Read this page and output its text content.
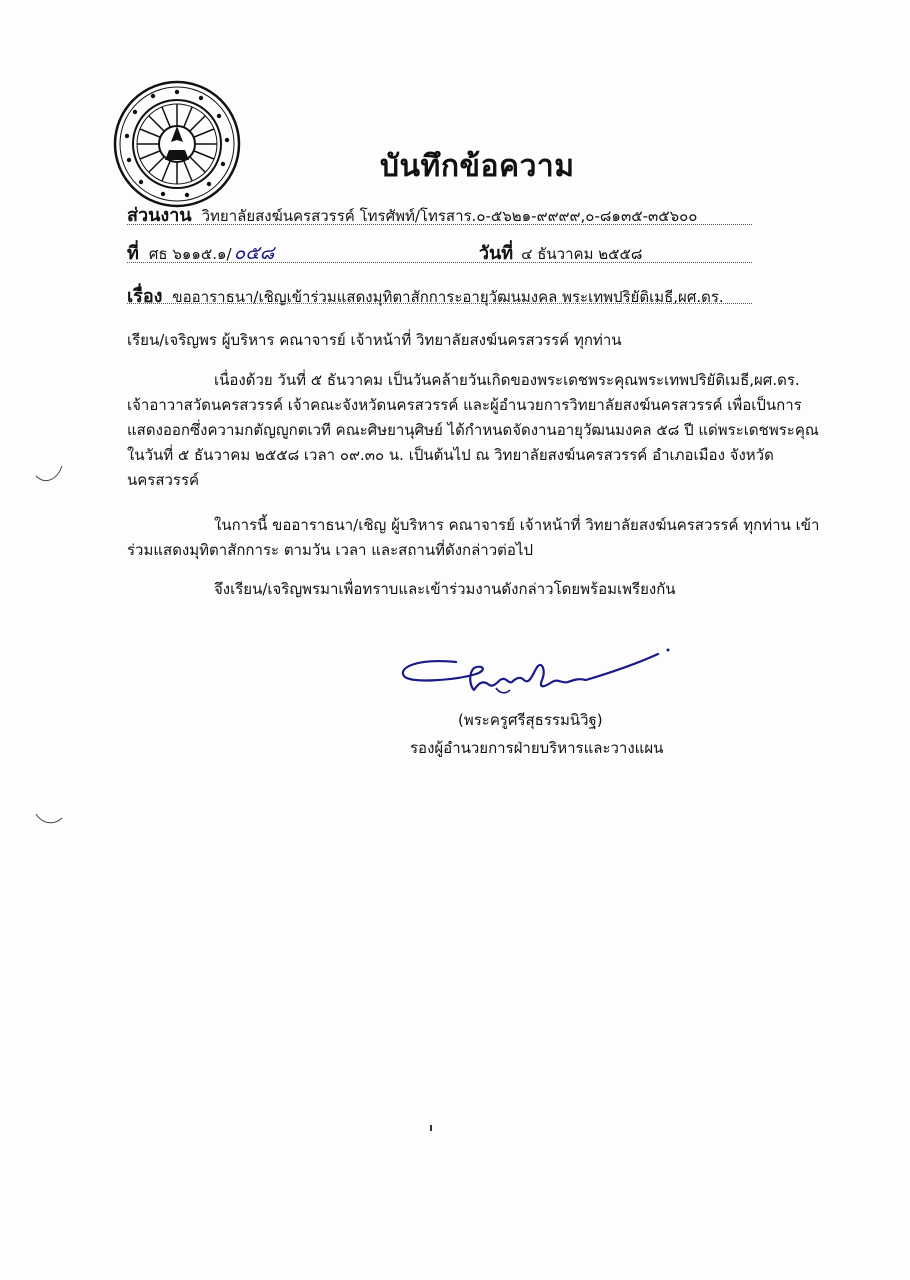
บันทึกข้อความ
ส่วนงาน วิทยาลัยสงฆ์นครสวรรค์ โทรศัพท์/โทรสาร.๐-๕๖๒๑-๙๙๙๙,๐-๘๑๓๕-๓๕๖๐๐
ที่ ศธ ๖๑๑๕.๑/ ๐๕๘	วันที่ ๔ ธันวาคม ๒๕๕๘
เรื่อง ขออาราธนา/เชิญเข้าร่วมแสดงมุทิตาสักการะอายุวัฒนมงคล พระเทพปริยัติเมธี,ผศ.ดร.
เรียน/เจริญพร ผู้บริหาร คณาจารย์ เจ้าหน้าที่ วิทยาลัยสงฆ์นครสวรรค์ ทุกท่าน
เนื่องด้วย วันที่ ๕ ธันวาคม เป็นวันคล้ายวันเกิดของพระเดชพระคุณพระเทพปริยัติเมธี,ผศ.ดร.
เจ้าอาวาสวัดนครสวรรค์ เจ้าคณะจังหวัดนครสวรรค์ และผู้อำนวยการวิทยาลัยสงฆ์นครสวรรค์ เพื่อเป็นการ
แสดงออกซึ่งความกตัญญูกตเวที คณะศิษยานุศิษย์ ได้กำหนดจัดงานอายุวัฒนมงคล ๕๘ ปี แด่พระเดชพระคุณ
ในวันที่ ๕ ธันวาคม ๒๕๕๘ เวลา ๐๙.๓๐ น. เป็นต้นไป ณ วิทยาลัยสงฆ์นครสวรรค์ อำเภอเมือง จังหวัด
นครสวรรค์
ในการนี้ ขออาราธนา/เชิญ ผู้บริหาร คณาจารย์ เจ้าหน้าที่ วิทยาลัยสงฆ์นครสวรรค์ ทุกท่าน เข้า
ร่วมแสดงมุทิตาสักการะ ตามวัน เวลา และสถานที่ดังกล่าวต่อไป
จึงเรียน/เจริญพรมาเพื่อทราบและเข้าร่วมงานดังกล่าวโดยพร้อมเพรียงกัน
(พระครูศรีสุธรรมนิวิฐ)
รองผู้อำนวยการฝ่ายบริหารและวางแผน
